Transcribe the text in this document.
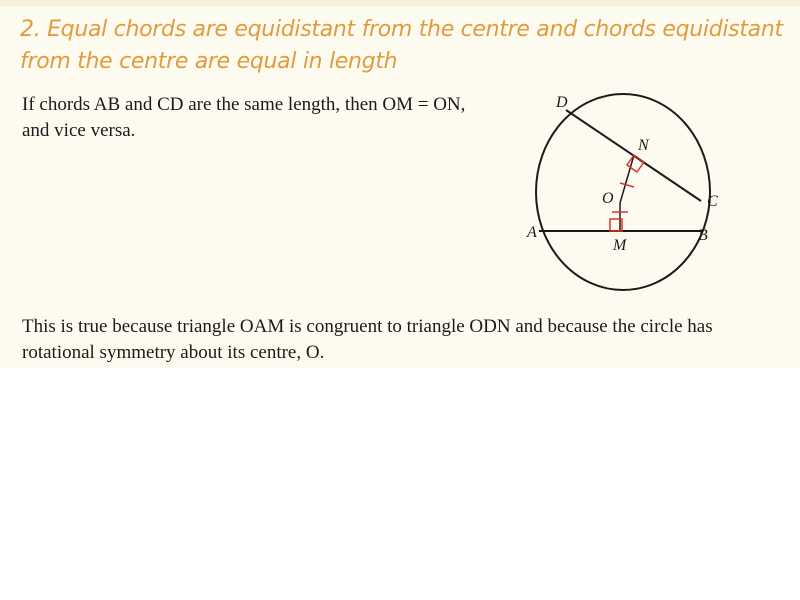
2. Equal chords are equidistant from the centre and chords equidistant from the centre are equal in length
If chords AB and CD are the same length, then OM = ON, and vice versa.
D
N
O	C
A	B
M
This is true because triangle OAM is congruent to triangle ODN and because the circle has rotational symmetry about its centre, O.
